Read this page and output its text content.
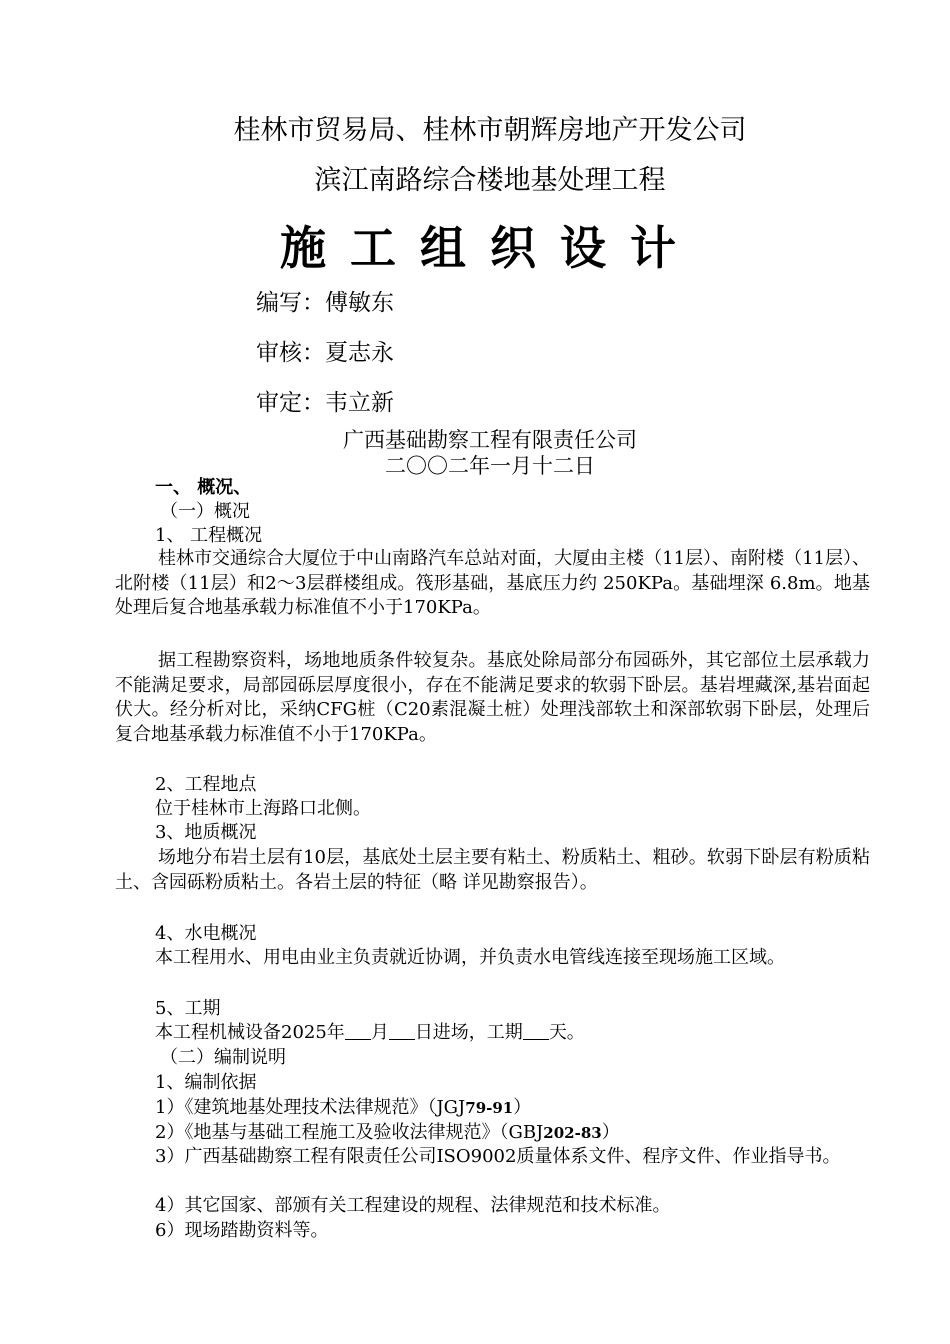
桂林市贸易局、桂林市朝辉房地产开发公司
滨江南路综合楼地基处理工程
施工组织设计
编写：傅敏东
审核：夏志永
审定：韦立新
广西基础勘察工程有限责任公司
二〇〇二年一月十二日
一、 概况、
（一）概况
1、 工程概况
桂林市交通综合大厦位于中山南路汽车总站对面，大厦由主楼（11层）、南附楼（11层）、北附楼（11层）和2～3层群楼组成。筏形基础，基底压力约 250KPa。基础埋深 6.8m。地基处理后复合地基承载力标准值不小于170KPa。
据工程勘察资料，场地地质条件较复杂。基底处除局部分布园砾外，其它部位土层承载力不能满足要求，局部园砾层厚度很小，存在不能满足要求的软弱下卧层。基岩埋藏深,基岩面起伏大。经分析对比，采纳CFG桩（C20素混凝土桩）处理浅部软土和深部软弱下卧层，处理后复合地基承载力标准值不小于170KPa。
2、工程地点
位于桂林市上海路口北侧。
3、地质概况
场地分布岩土层有10层，基底处土层主要有粘土、粉质粘土、粗砂。软弱下卧层有粉质粘土、含园砾粉质粘土。各岩土层的特征（略 详见勘察报告）。
4、水电概况
本工程用水、用电由业主负责就近协调，并负责水电管线连接至现场施工区域。
5、工期
本工程机械设备2025年 月 日进场，工期 天。
（二）编制说明
1、编制依据
1）《建筑地基处理技术法律规范》（JGJ79-91）
2）《地基与基础工程施工及验收法律规范》（GBJ202-83）
3）广西基础勘察工程有限责任公司ISO9002质量体系文件、程序文件、作业指导书。
4）其它国家、部颁有关工程建设的规程、法律规范和技术标准。
6）现场踏勘资料等。
